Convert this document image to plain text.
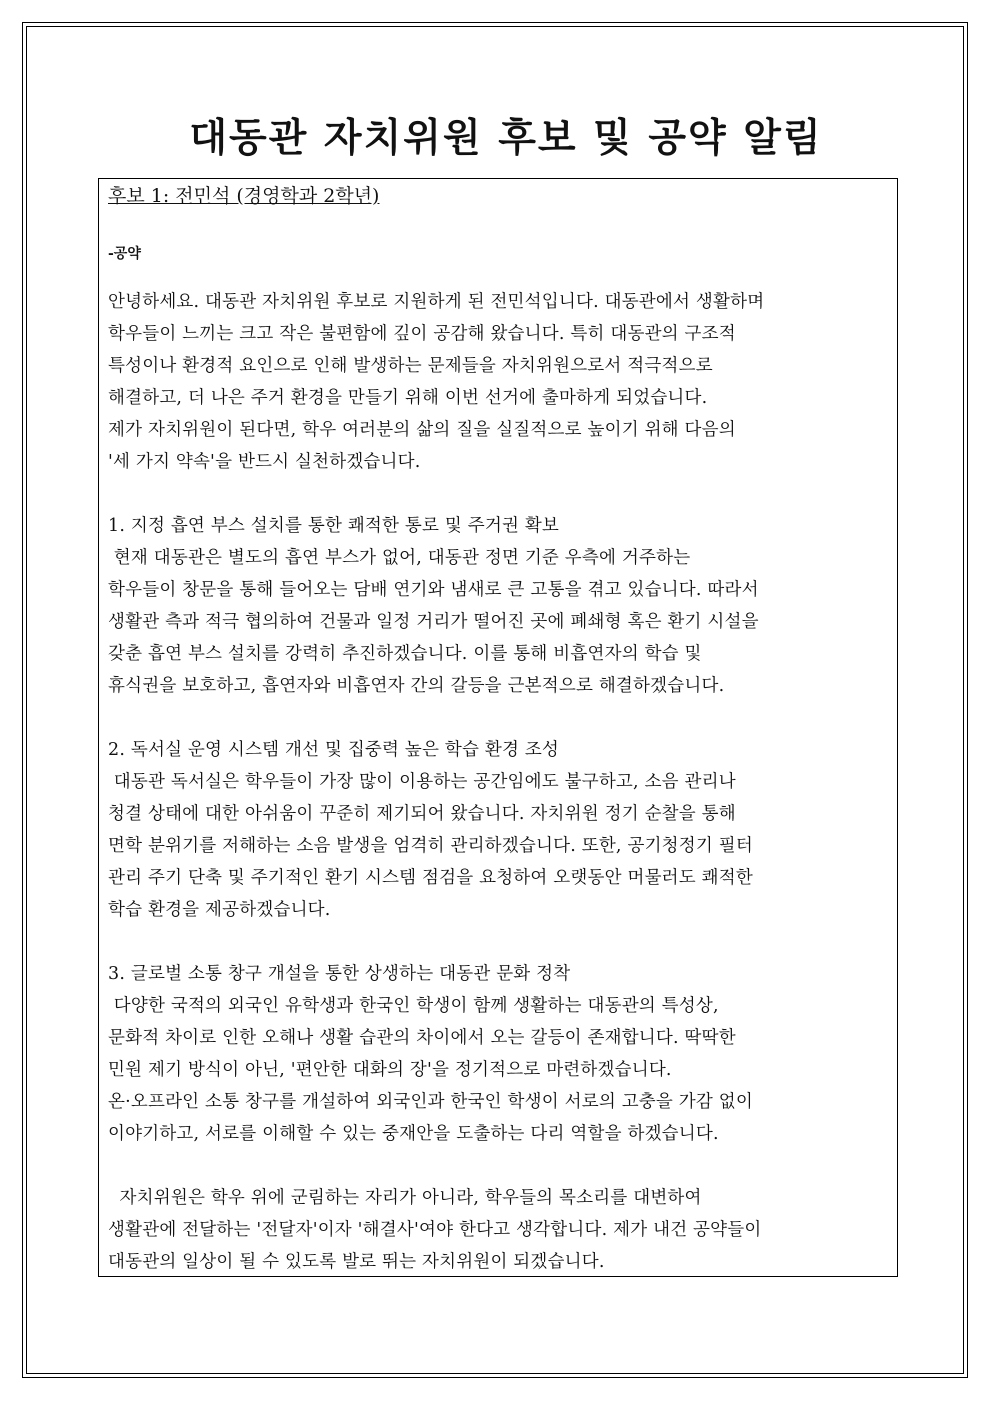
대동관 자치위원 후보 및 공약 알림

후보 1: 전민석 (경영학과 2학년)

-공약

안녕하세요. 대동관 자치위원 후보로 지원하게 된 전민석입니다. 대동관에서 생활하며

학우들이 느끼는 크고 작은 불편함에 깊이 공감해 왔습니다. 특히 대동관의 구조적

특성이나 환경적 요인으로 인해 발생하는 문제들을 자치위원으로서 적극적으로

해결하고, 더 나은 주거 환경을 만들기 위해 이번 선거에 출마하게 되었습니다.

제가 자치위원이 된다면, 학우 여러분의 삶의 질을 실질적으로 높이기 위해 다음의

'세 가지 약속'을 반드시 실천하겠습니다.

1. 지정 흡연 부스 설치를 통한 쾌적한 통로 및 주거권 확보

현재 대동관은 별도의 흡연 부스가 없어, 대동관 정면 기준 우측에 거주하는

학우들이 창문을 통해 들어오는 담배 연기와 냄새로 큰 고통을 겪고 있습니다. 따라서

생활관 측과 적극 협의하여 건물과 일정 거리가 떨어진 곳에 폐쇄형 혹은 환기 시설을

갖춘 흡연 부스 설치를 강력히 추진하겠습니다. 이를 통해 비흡연자의 학습 및

휴식권을 보호하고, 흡연자와 비흡연자 간의 갈등을 근본적으로 해결하겠습니다.

2. 독서실 운영 시스템 개선 및 집중력 높은 학습 환경 조성

대동관 독서실은 학우들이 가장 많이 이용하는 공간임에도 불구하고, 소음 관리나

청결 상태에 대한 아쉬움이 꾸준히 제기되어 왔습니다. 자치위원 정기 순찰을 통해

면학 분위기를 저해하는 소음 발생을 엄격히 관리하겠습니다. 또한, 공기청정기 필터

관리 주기 단축 및 주기적인 환기 시스템 점검을 요청하여 오랫동안 머물러도 쾌적한

학습 환경을 제공하겠습니다.

3. 글로벌 소통 창구 개설을 통한 상생하는 대동관 문화 정착

다양한 국적의 외국인 유학생과 한국인 학생이 함께 생활하는 대동관의 특성상,

문화적 차이로 인한 오해나 생활 습관의 차이에서 오는 갈등이 존재합니다. 딱딱한

민원 제기 방식이 아닌, '편안한 대화의 장'을 정기적으로 마련하겠습니다.

온·오프라인 소통 창구를 개설하여 외국인과 한국인 학생이 서로의 고충을 가감 없이

이야기하고, 서로를 이해할 수 있는 중재안을 도출하는 다리 역할을 하겠습니다.

자치위원은 학우 위에 군림하는 자리가 아니라, 학우들의 목소리를 대변하여

생활관에 전달하는 '전달자'이자 '해결사'여야 한다고 생각합니다. 제가 내건 공약들이

대동관의 일상이 될 수 있도록 발로 뛰는 자치위원이 되겠습니다.
